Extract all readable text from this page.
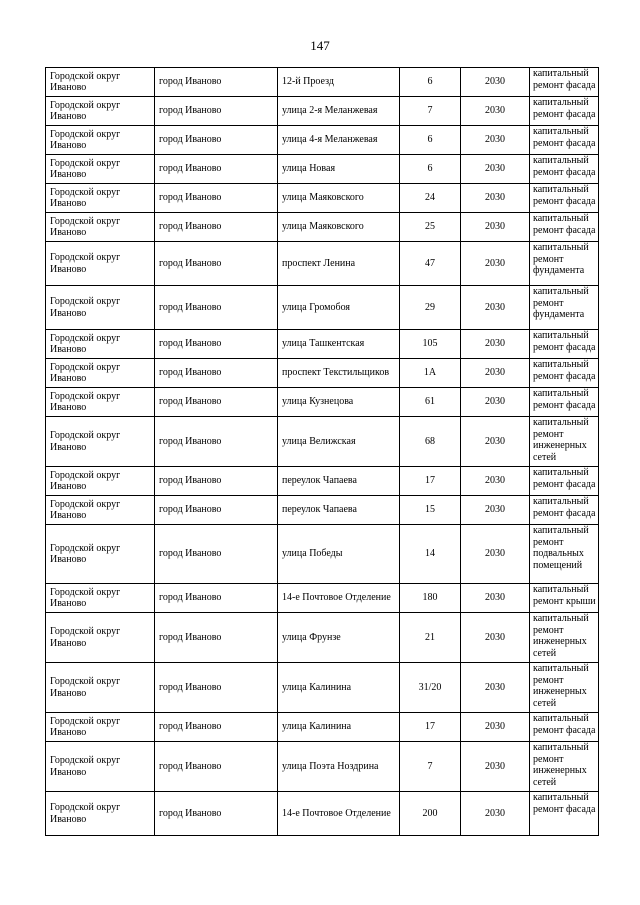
147
Городской округ Иваново	город Иваново	12-й Проезд	6	2030	капитальный ремонт фасада
Городской округ Иваново	город Иваново	улица 2-я Меланжевая	7	2030	капитальный ремонт фасада
Городской округ Иваново	город Иваново	улица 4-я Меланжевая	6	2030	капитальный ремонт фасада
Городской округ Иваново	город Иваново	улица Новая	6	2030	капитальный ремонт фасада
Городской округ Иваново	город Иваново	улица Маяковского	24	2030	капитальный ремонт фасада
Городской округ Иваново	город Иваново	улица Маяковского	25	2030	капитальный ремонт фасада
Городской округ Иваново	город Иваново	проспект Ленина	47	2030	капитальный ремонт фундамента
Городской округ Иваново	город Иваново	улица Громобоя	29	2030	капитальный ремонт фундамента
Городской округ Иваново	город Иваново	улица Ташкентская	105	2030	капитальный ремонт фасада
Городской округ Иваново	город Иваново	проспект Текстильщиков	1А	2030	капитальный ремонт фасада
Городской округ Иваново	город Иваново	улица Кузнецова	61	2030	капитальный ремонт фасада
Городской округ Иваново	город Иваново	улица Велижская	68	2030	капитальный ремонт инженерных сетей
Городской округ Иваново	город Иваново	переулок Чапаева	17	2030	капитальный ремонт фасада
Городской округ Иваново	город Иваново	переулок Чапаева	15	2030	капитальный ремонт фасада
Городской округ Иваново	город Иваново	улица Победы	14	2030	капитальный ремонт подвальных помещений
Городской округ Иваново	город Иваново	14-е Почтовое Отделение	180	2030	капитальный ремонт крыши
Городской округ Иваново	город Иваново	улица Фрунзе	21	2030	капитальный ремонт инженерных сетей
Городской округ Иваново	город Иваново	улица Калинина	31/20	2030	капитальный ремонт инженерных сетей
Городской округ Иваново	город Иваново	улица Калинина	17	2030	капитальный ремонт фасада
Городской округ Иваново	город Иваново	улица Поэта Ноздрина	7	2030	капитальный ремонт инженерных сетей
Городской округ Иваново	город Иваново	14-е Почтовое Отделение	200	2030	капитальный ремонт фасада
